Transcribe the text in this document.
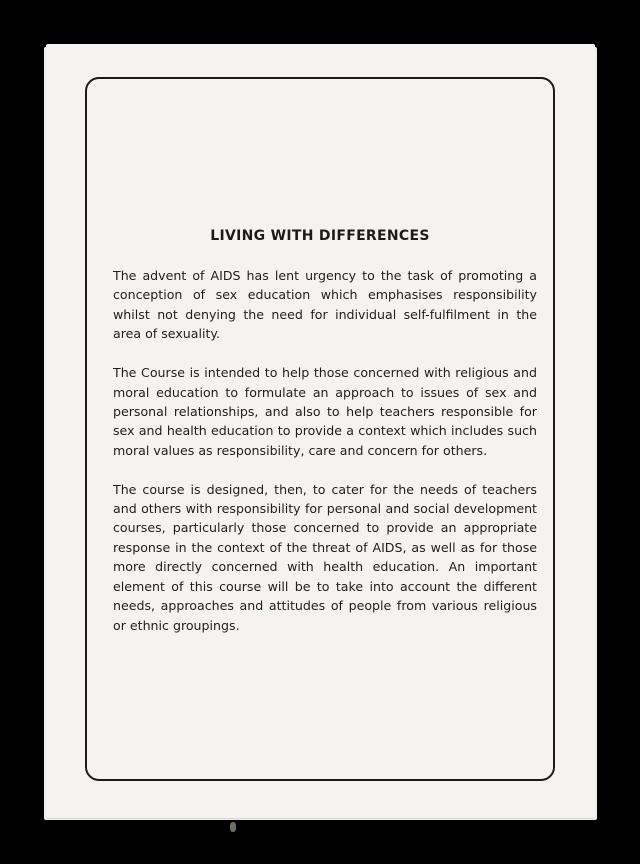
LIVING WITH DIFFERENCES

The advent of AIDS has lent urgency to the task of promoting a conception of sex education which emphasises responsibility whilst not denying the need for individual self-fulfilment in the area of sexuality.

The Course is intended to help those concerned with religious and moral education to formulate an approach to issues of sex and personal relationships, and also to help teachers responsible for sex and health education to provide a context which includes such moral values as responsibility, care and concern for others.

The course is designed, then, to cater for the needs of teachers and others with responsibility for personal and social development courses, particularly those concerned to provide an appropriate response in the context of the threat of AIDS, as well as for those more directly concerned with health education. An important element of this course will be to take into account the different needs, approaches and attitudes of people from various religious or ethnic groupings.
